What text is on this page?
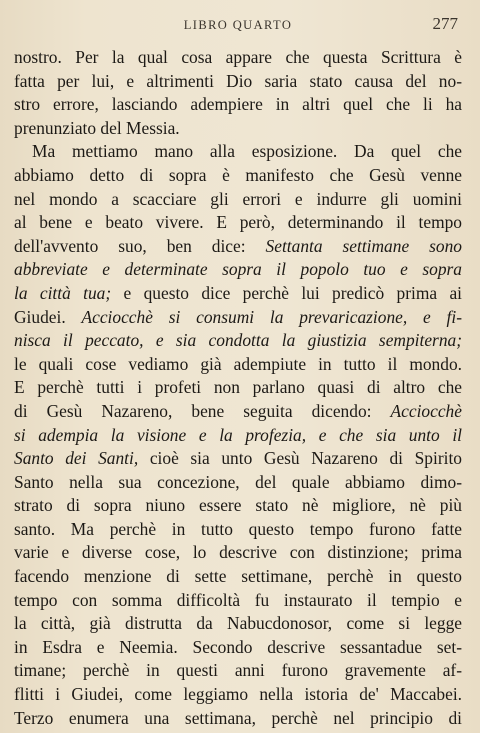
LIBRO QUARTO	277
nostro. Per la qual cosa appare che questa Scrittura è
fatta per lui, e altrimenti Dio saria stato causa del no-
stro errore, lasciando adempiere in altri quel che li ha
prenunziato del Messia.
Ma mettiamo mano alla esposizione. Da quel che
abbiamo detto di sopra è manifesto che Gesù venne
nel mondo a scacciare gli errori e indurre gli uomini
al bene e beato vivere. E però, determinando il tempo
dell'avvento suo, ben dice: Settanta settimane sono
abbreviate e determinate sopra il popolo tuo e sopra
la città tua; e questo dice perchè lui predicò prima ai
Giudei. Acciocchè si consumi la prevaricazione, e fi-
nisca il peccato, e sia condotta la giustizia sempiterna;
le quali cose vediamo già adempiute in tutto il mondo.
E perchè tutti i profeti non parlano quasi di altro che
di Gesù Nazareno, bene seguita dicendo: Acciocchè
si adempia la visione e la profezia, e che sia unto il
Santo dei Santi, cioè sia unto Gesù Nazareno di Spirito
Santo nella sua concezione, del quale abbiamo dimo-
strato di sopra niuno essere stato nè migliore, nè più
santo. Ma perchè in tutto questo tempo furono fatte
varie e diverse cose, lo descrive con distinzione; prima
facendo menzione di sette settimane, perchè in questo
tempo con somma difficoltà fu instaurato il tempio e
la città, già distrutta da Nabucdonosor, come si legge
in Esdra e Neemia. Secondo descrive sessantadue set-
timane; perchè in questi anni furono gravemente af-
flitti i Giudei, come leggiamo nella istoria de' Maccabei.
Terzo enumera una settimana, perchè nel principio di
